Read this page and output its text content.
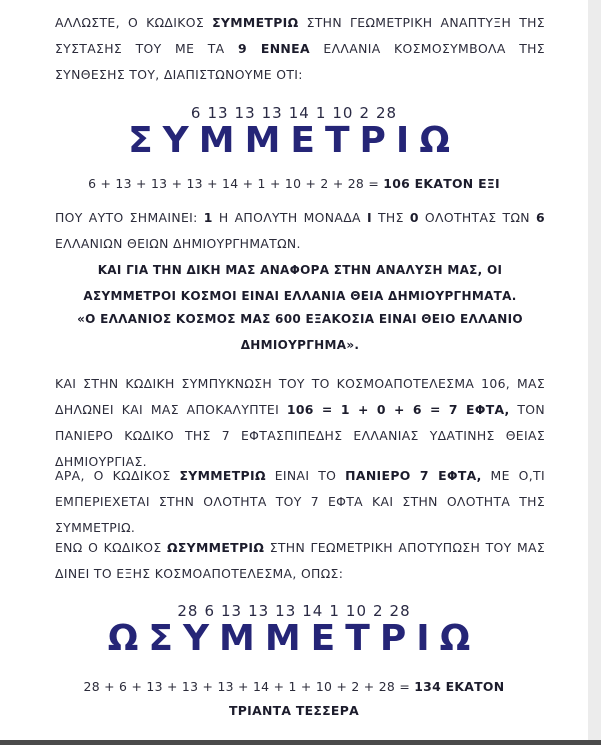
ΑΛΛΩΣΤΕ, Ο ΚΩΔΙΚΟΣ ΣΥΜΜΕΤΡΙΩ ΣΤΗΝ ΓΕΩΜΕΤΡΙΚΗ ΑΝΑΠΤΥΞΗ ΤΗΣ ΣΥΣΤΑΣΗΣ ΤΟΥ ΜΕ ΤΑ 9 ΕΝΝΕΑ ΕΛΛΑΝΙΑ ΚΟΣΜΟΣΥΜΒΟΛΑ ΤΗΣ ΣΥΝΘΕΣΗΣ ΤΟΥ, ΔΙΑΠΙΣΤΩΝΟΥΜΕ ΟΤΙ:

6 13 13 13 14 1 10 2 28
ΣΥΜΜΕΤΡΙΩ
6 + 13 + 13 + 13 + 14 + 1 + 10 + 2 + 28 = 106 ΕΚΑΤΟΝ ΕΞΙ

ΠΟΥ ΑΥΤΟ ΣΗΜΑΙΝΕΙ: 1 Η ΑΠΟΛΥΤΗ ΜΟΝΑΔΑ Ι ΤΗΣ 0 ΟΛΟΤΗΤΑΣ ΤΩΝ 6 ΕΛΛΑΝΙΩΝ ΘΕΙΩΝ ΔΗΜΙΟΥΡΓΗΜΑΤΩΝ.

ΚΑΙ ΓΙΑ ΤΗΝ ΔΙΚΗ ΜΑΣ ΑΝΑΦΟΡΑ ΣΤΗΝ ΑΝΑΛΥΣΗ ΜΑΣ, ΟΙ ΑΣΥΜΜΕΤΡΟΙ ΚΟΣΜΟΙ ΕΙΝΑΙ ΕΛΛΑΝΙΑ ΘΕΙΑ ΔΗΜΙΟΥΡΓΗΜΑΤΑ.

«Ο ΕΛΛΑΝΙΟΣ ΚΟΣΜΟΣ ΜΑΣ 600 ΕΞΑΚΟΣΙΑ ΕΙΝΑΙ ΘΕΙΟ ΕΛΛΑΝΙΟ ΔΗΜΙΟΥΡΓΗΜΑ».

ΚΑΙ ΣΤΗΝ ΚΩΔΙΚΗ ΣΥΜΠΥΚΝΩΣΗ ΤΟΥ ΤΟ ΚΟΣΜΟΑΠΟΤΕΛΕΣΜΑ 106, ΜΑΣ ΔΗΛΩΝΕΙ ΚΑΙ ΜΑΣ ΑΠΟΚΑΛΥΠΤΕΙ 106 = 1 + 0 + 6 = 7 ΕΦΤΑ, ΤΟΝ ΠΑΝΙΕΡΟ ΚΩΔΙΚΟ ΤΗΣ 7 ΕΦΤΑΣΠΙΠΕΔΗΣ ΕΛΛΑΝΙΑΣ ΥΔΑΤΙΝΗΣ ΘΕΙΑΣ ΔΗΜΙΟΥΡΓΙΑΣ.

ΑΡΑ, Ο ΚΩΔΙΚΟΣ ΣΥΜΜΕΤΡΙΩ ΕΙΝΑΙ ΤΟ ΠΑΝΙΕΡΟ 7 ΕΦΤΑ, ΜΕ Ο,ΤΙ ΕΜΠΕΡΙΕΧΕΤΑΙ ΣΤΗΝ ΟΛΟΤΗΤΑ ΤΟΥ 7 ΕΦΤΑ ΚΑΙ ΣΤΗΝ ΟΛΟΤΗΤΑ ΤΗΣ ΣΥΜΜΕΤΡΙΩ.

ΕΝΩ Ο ΚΩΔΙΚΟΣ ΩΣΥΜΜΕΤΡΙΩ ΣΤΗΝ ΓΕΩΜΕΤΡΙΚΗ ΑΠΟΤΥΠΩΣΗ ΤΟΥ ΜΑΣ ΔΙΝΕΙ ΤΟ ΕΞΗΣ ΚΟΣΜΟΑΠΟΤΕΛΕΣΜΑ, ΟΠΩΣ:

28 6 13 13 13 14 1 10 2 28
ΩΣΥΜΜΕΤΡΙΩ
28 + 6 + 13 + 13 + 13 + 14 + 1 + 10 + 2 + 28 = 134 ΕΚΑΤΟΝ ΤΡΙΑΝΤΑ ΤΕΣΣΕΡΑ
